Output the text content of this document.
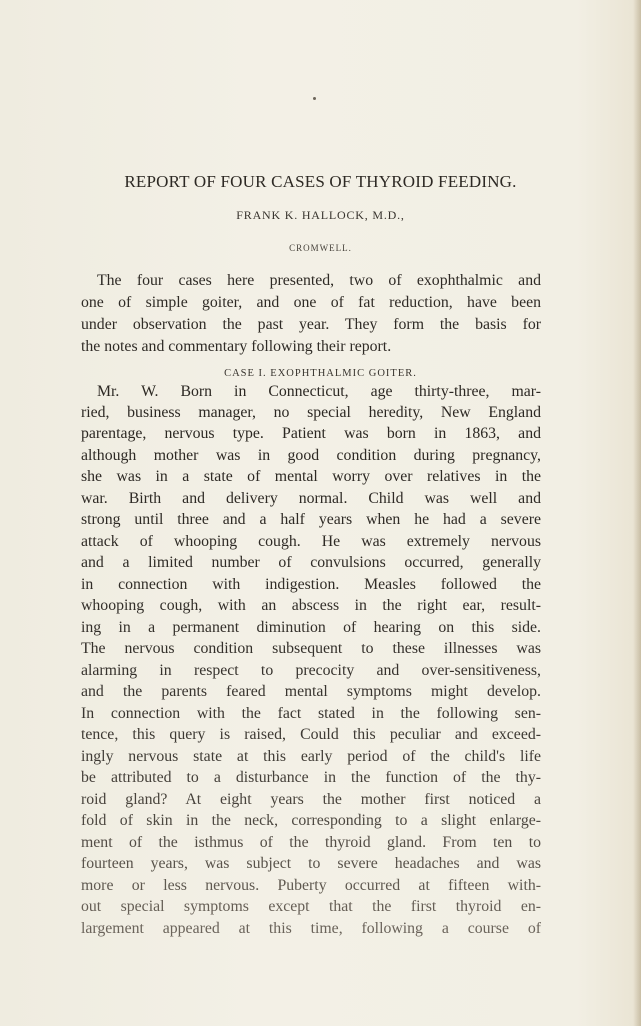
REPORT OF FOUR CASES OF THYROID FEEDING.
FRANK K. HALLOCK, M.D.,
CROMWELL.
The four cases here presented, two of exophthalmic and
one of simple goiter, and one of fat reduction, have been
under observation the past year. They form the basis for
the notes and commentary following their report.
CASE I. EXOPHTHALMIC GOITER.
Mr. W. Born in Connecticut, age thirty-three, mar-
ried, business manager, no special heredity, New England
parentage, nervous type. Patient was born in 1863, and
although mother was in good condition during pregnancy,
she was in a state of mental worry over relatives in the
war. Birth and delivery normal. Child was well and
strong until three and a half years when he had a severe
attack of whooping cough. He was extremely nervous
and a limited number of convulsions occurred, generally
in connection with indigestion. Measles followed the
whooping cough, with an abscess in the right ear, result-
ing in a permanent diminution of hearing on this side.
The nervous condition subsequent to these illnesses was
alarming in respect to precocity and over-sensitiveness,
and the parents feared mental symptoms might develop.
In connection with the fact stated in the following sen-
tence, this query is raised, Could this peculiar and exceed-
ingly nervous state at this early period of the child's life
be attributed to a disturbance in the function of the thy-
roid gland? At eight years the mother first noticed a
fold of skin in the neck, corresponding to a slight enlarge-
ment of the isthmus of the thyroid gland. From ten to
fourteen years, was subject to severe headaches and was
more or less nervous. Puberty occurred at fifteen with-
out special symptoms except that the first thyroid en-
largement appeared at this time, following a course of
